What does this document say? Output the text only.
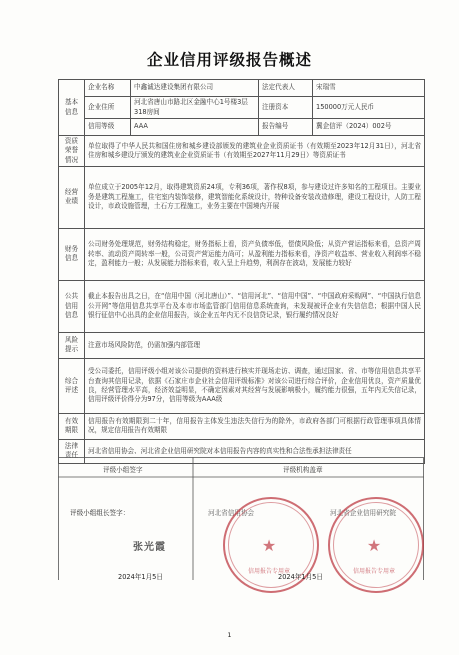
企业信用评级报告概述
基本信息	企业名称	中鑫诚达建设集团有限公司	法定代表人	宋瑞雪
	企业住所	河北省唐山市路北区金融中心1号楼3层318房间	注册资本	150000万元人民币
	信用等级	AAA	报告编号	冀企信评（2024）002号
资质荣誉情况	单位取得了中华人民共和国住房和城乡建设部颁发的建筑业企业资质证书（有效期至2023年12月31日），河北省住房和城乡建设厅颁发的建筑业企业资质证书（有效期至2027年11月29日）等资质证书			
经营业绩	单位成立于2005年12月，取得建筑资质24项，专利36项，著作权8项，参与建设过许多知名的工程项目。主要业务是建筑工程施工，住宅室内装饰装修，建筑智能化系统设计，特种设备安装改造修理，建设工程设计，人防工程设计，市政设施管理，土石方工程施工，业务主要在中国境内开展			
财务信息	公司财务处理规范，财务结构稳定，财务指标上看，资产负债率低，偿债风险低；从资产营运指标来看，总资产周转率、流动资产周转率一般，公司资产营运能力尚可；从盈利能力指标来看，净资产收益率、营业收入利润率不稳定，盈利能力一般；从发展能力指标来看，收入呈上升趋势，利润存在波动，发展能力较好			
公共信用信息	截止本报告出具之日，在“信用中国（河北唐山）”、“信用河北”、“信用中国”、“中国政府采购网”、“中国执行信息公开网”等信用信息共享平台及本市市场监管部门信用信息系统查询，未发现被评企业有失信信息；根据中国人民银行征信中心出具的企业信用报告，该企业五年内无不良信贷记录，银行履约情况良好			
风险提示	注意市场风险防范，仍需加强内部管理			
综合评述	受公司委托，信用评级小组对该公司提供的资料进行核实并现场走访、调查，通过国家、省、市等信用信息共享平台查询其信用记录，依据《石家庄市企业社会信用评级标准》对该公司进行综合评价，企业信用优良，资产质量优良，经营管理水平高，经济效益明显，不确定因素对其经营与发展影响极小，履约能力很强，五年内无失信记录，信用评级评价得分为97分，信用等级为AAA级			
有效期限	信用报告有效期限到二十年，信用报告主体发生违法失信行为的除外，市政府各部门可根据行政管理事项具体情况，规定信用报告有效期限			
法律责任	河北省信用协会、河北省企业信用研究院对本信用报告内容的真实性和合法性承担法律责任			
评级小组签字	评级机构盖章
评级小组组长签字：	河北省信用协会	河北省企业信用研究院
张光霞	★
信用报告专用章
★
信用报告专用章
2024年1月5日	2024年1月5日
1
